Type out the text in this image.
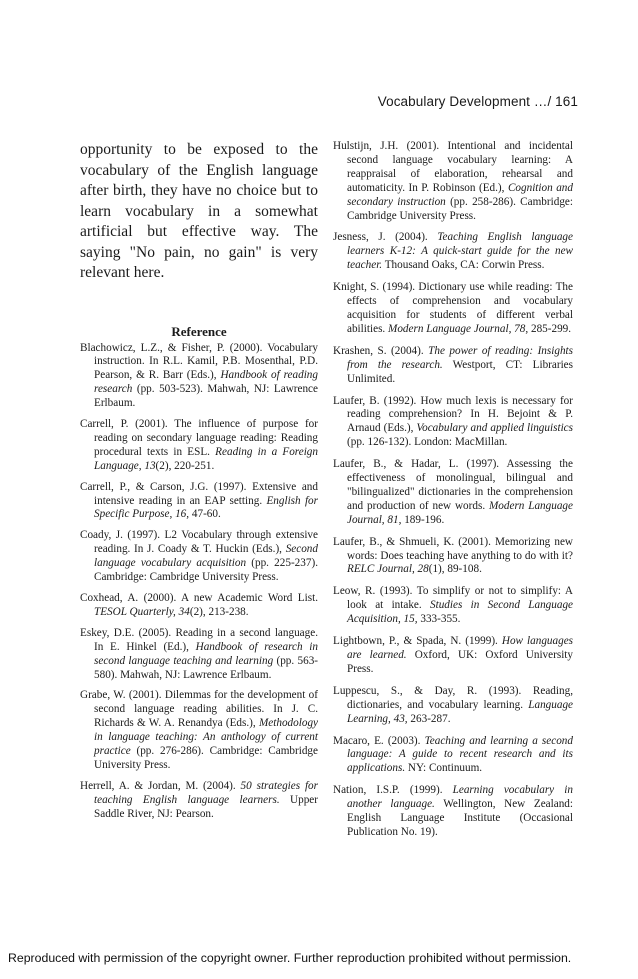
Vocabulary Development …/ 161

opportunity to be exposed to the vocabulary of the English language after birth, they have no choice but to learn vocabulary in a somewhat artificial but effective way. The saying "No pain, no gain" is very relevant here.

Reference

Blachowicz, L.Z., & Fisher, P. (2000). Vocabulary instruction. In R.L. Kamil, P.B. Mosenthal, P.D. Pearson, & R. Barr (Eds.), Handbook of reading research (pp. 503-523). Mahwah, NJ: Lawrence Erlbaum.

Carrell, P. (2001). The influence of purpose for reading on secondary language reading: Reading procedural texts in ESL. Reading in a Foreign Language, 13(2), 220-251.

Carrell, P., & Carson, J.G. (1997). Extensive and intensive reading in an EAP setting. English for Specific Purpose, 16, 47-60.

Coady, J. (1997). L2 Vocabulary through extensive reading. In J. Coady & T. Huckin (Eds.), Second language vocabulary acquisition (pp. 225-237). Cambridge: Cambridge University Press.

Coxhead, A. (2000). A new Academic Word List. TESOL Quarterly, 34(2), 213-238.

Eskey, D.E. (2005). Reading in a second language. In E. Hinkel (Ed.), Handbook of research in second language teaching and learning (pp. 563-580). Mahwah, NJ: Lawrence Erlbaum.

Grabe, W. (2001). Dilemmas for the development of second language reading abilities. In J. C. Richards & W. A. Renandya (Eds.), Methodology in language teaching: An anthology of current practice (pp. 276-286). Cambridge: Cambridge University Press.

Herrell, A. & Jordan, M. (2004). 50 strategies for teaching English language learners. Upper Saddle River, NJ: Pearson.

Hulstijn, J.H. (2001). Intentional and incidental second language vocabulary learning: A reappraisal of elaboration, rehearsal and automaticity. In P. Robinson (Ed.), Cognition and secondary instruction (pp. 258-286). Cambridge: Cambridge University Press.

Jesness, J. (2004). Teaching English language learners K-12: A quick-start guide for the new teacher. Thousand Oaks, CA: Corwin Press.

Knight, S. (1994). Dictionary use while reading: The effects of comprehension and vocabulary acquisition for students of different verbal abilities. Modern Language Journal, 78, 285-299.

Krashen, S. (2004). The power of reading: Insights from the research. Westport, CT: Libraries Unlimited.

Laufer, B. (1992). How much lexis is necessary for reading comprehension? In H. Bejoint & P. Arnaud (Eds.), Vocabulary and applied linguistics (pp. 126-132). London: MacMillan.

Laufer, B., & Hadar, L. (1997). Assessing the effectiveness of monolingual, bilingual and "bilingualized" dictionaries in the comprehension and production of new words. Modern Language Journal, 81, 189-196.

Laufer, B., & Shmueli, K. (2001). Memorizing new words: Does teaching have anything to do with it? RELC Journal, 28(1), 89-108.

Leow, R. (1993). To simplify or not to simplify: A look at intake. Studies in Second Language Acquisition, 15, 333-355.

Lightbown, P., & Spada, N. (1999). How languages are learned. Oxford, UK: Oxford University Press.

Luppescu, S., & Day, R. (1993). Reading, dictionaries, and vocabulary learning. Language Learning, 43, 263-287.

Macaro, E. (2003). Teaching and learning a second language: A guide to recent research and its applications. NY: Continuum.

Nation, I.S.P. (1999). Learning vocabulary in another language. Wellington, New Zealand: English Language Institute (Occasional Publication No. 19).

Reproduced with permission of the copyright owner. Further reproduction prohibited without permission.
